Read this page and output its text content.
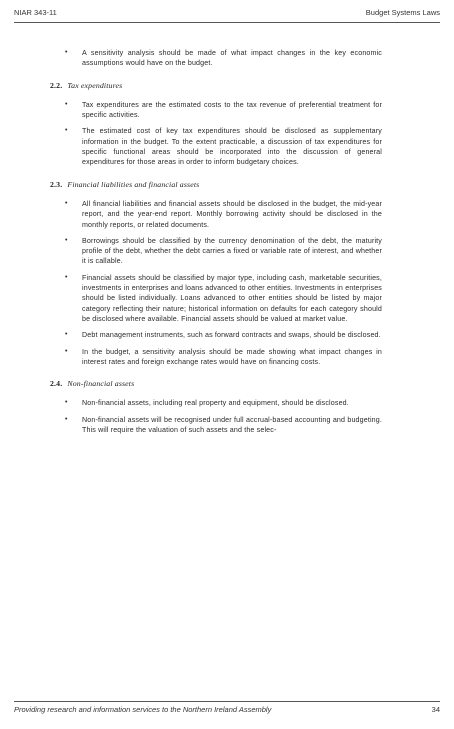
NIAR 343-11	Budget Systems Laws
• A sensitivity analysis should be made of what impact changes in the key economic assumptions would have on the budget.
2.2. Tax expenditures
• Tax expenditures are the estimated costs to the tax revenue of preferential treatment for specific activities.
• The estimated cost of key tax expenditures should be disclosed as supplementary information in the budget. To the extent practicable, a discussion of tax expenditures for specific functional areas should be incorporated into the discussion of general expenditures for those areas in order to inform budgetary choices.
2.3. Financial liabilities and financial assets
• All financial liabilities and financial assets should be disclosed in the budget, the mid-year report, and the year-end report. Monthly borrowing activity should be disclosed in the monthly reports, or related documents.
• Borrowings should be classified by the currency denomination of the debt, the maturity profile of the debt, whether the debt carries a fixed or variable rate of interest, and whether it is callable.
• Financial assets should be classified by major type, including cash, marketable securities, investments in enterprises and loans advanced to other entities. Investments in enterprises should be listed individually. Loans advanced to other entities should be listed by major category reflecting their nature; historical information on defaults for each category should be disclosed where available. Financial assets should be valued at market value.
• Debt management instruments, such as forward contracts and swaps, should be disclosed.
• In the budget, a sensitivity analysis should be made showing what impact changes in interest rates and foreign exchange rates would have on financing costs.
2.4. Non-financial assets
• Non-financial assets, including real property and equipment, should be disclosed.
• Non-financial assets will be recognised under full accrual-based accounting and budgeting. This will require the valuation of such assets and the selec-
Providing research and information services to the Northern Ireland Assembly	34
